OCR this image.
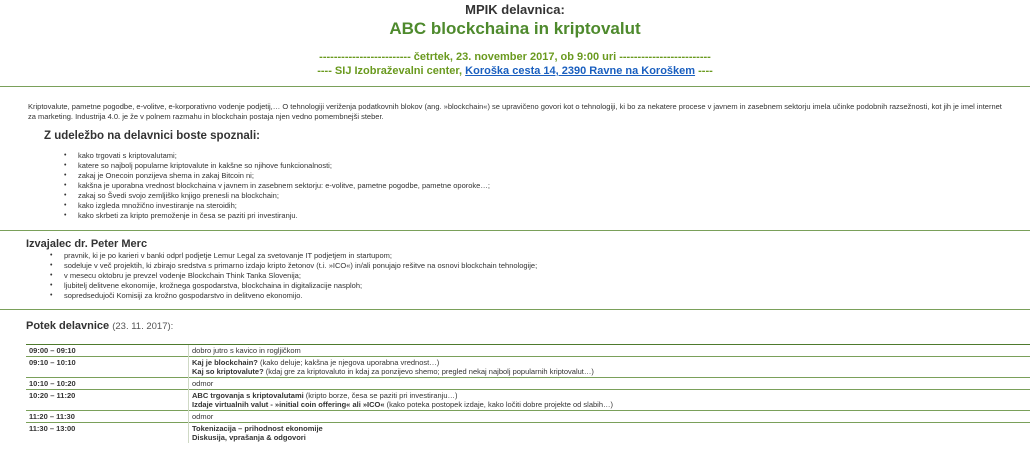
MPIK delavnica:
ABC blockchaina in kriptovalut
------------------------- četrtek, 23. november 2017, ob 9:00 uri -------------------------
---- SIJ Izobraževalni center, Koroška cesta 14, 2390 Ravne na Koroškem ----
Kriptovalute, pametne pogodbe, e-volitve, e-korporativno vodenje podjetij,… O tehnologiji veriženja podatkovnih blokov (ang. »blockchain«) se upravičeno govori kot o tehnologiji, ki bo za nekatere procese v javnem in zasebnem sektorju imela učinke podobnih razsežnosti, kot jih je imel internet za marketing. Industrija 4.0. je že v polnem razmahu in blockchain postaja njen vedno pomembnejši steber.
Z udeležbo na delavnici boste spoznali:
• kako trgovati s kriptovalutami;
• katere so najbolj popularne kriptovalute in kakšne so njihove funkcionalnosti;
• zakaj je Onecoin ponzijeva shema in zakaj Bitcoin ni;
• kakšna je uporabna vrednost blockchaina v javnem in zasebnem sektorju: e-volitve, pametne pogodbe, pametne oporoke…;
• zakaj so Švedi svojo zemljiško knjigo prenesli na blockchain;
• kako izgleda množično investiranje na steroidih;
• kako skrbeti za kripto premoženje in česa se paziti pri investiranju.
Izvajalec dr. Peter Merc
• pravnik, ki je po karieri v banki odprl podjetje Lemur Legal za svetovanje IT podjetjem in startupom;
• sodeluje v več projektih, ki zbirajo sredstva s primarno izdajo kripto žetonov (t.i. »ICO«) in/ali ponujajo rešitve na osnovi blockchain tehnologije;
• v mesecu oktobru je prevzel vodenje Blockchain Think Tanka Slovenija;
• ljubitelj delitvene ekonomije, krožnega gospodarstva, blockchaina in digitalizacije nasploh;
• sopredsedujoči Komisiji za krožno gospodarstvo in delitveno ekonomijo.
Potek delavnice (23. 11. 2017):
09:00 – 09:10	dobro jutro s kavico in rogljičkom

09:10 – 10:10	Kaj je blockchain? (kako deluje; kakšna je njegova uporabna vrednost…)
Kaj so kriptovalute? (kdaj gre za kriptovaluto in kdaj za ponzijevo shemo; pregled nekaj najbolj popularnih kriptovalut…)

10:10 – 10:20	odmor

10:20 – 11:20	ABC trgovanja s kriptovalutami (kripto borze, česa se paziti pri investiranju…)
Izdaje virtualnih valut - »initial coin offering« ali »ICO« (kako poteka postopek izdaje, kako ločiti dobre projekte od slabih…)

11:20 – 11:30	odmor

11:30 – 13:00	Tokenizacija – prihodnost ekonomije
Diskusija, vprašanja & odgovori
